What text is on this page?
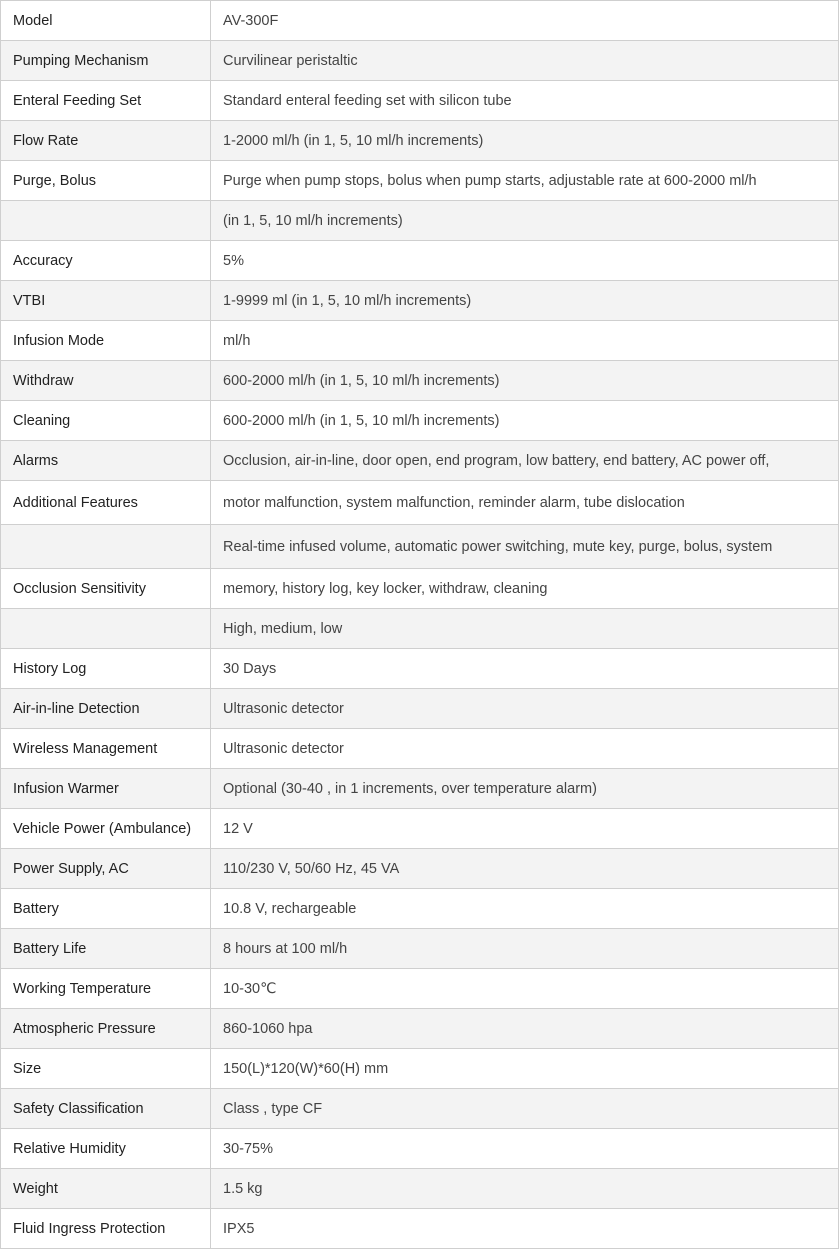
Model	AV-300F
Pumping Mechanism	Curvilinear peristaltic
Enteral Feeding Set	Standard enteral feeding set with silicon tube
Flow Rate	1-2000 ml/h (in 1, 5, 10 ml/h increments)
Purge, Bolus	Purge when pump stops, bolus when pump starts, adjustable rate at 600-2000 ml/h
	(in 1, 5, 10 ml/h increments)
Accuracy	5%
VTBI	1-9999 ml (in 1, 5, 10 ml/h increments)
Infusion Mode	ml/h
Withdraw	600-2000 ml/h (in 1, 5, 10 ml/h increments)
Cleaning	600-2000 ml/h (in 1, 5, 10 ml/h increments)
Alarms	Occlusion, air-in-line, door open, end program, low battery, end battery, AC power off,
Additional Features	motor malfunction, system malfunction, reminder alarm, tube dislocation
	Real-time infused volume, automatic power switching, mute key, purge, bolus, system
Occlusion Sensitivity	memory, history log, key locker, withdraw, cleaning
	High, medium, low
History Log	30 Days
Air-in-line Detection	Ultrasonic detector
Wireless Management	Ultrasonic detector
Infusion Warmer	Optional (30-40 , in 1 increments, over temperature alarm)
Vehicle Power (Ambulance)	12 V
Power Supply, AC	110/230 V, 50/60 Hz, 45 VA
Battery	10.8 V, rechargeable
Battery Life	8 hours at 100 ml/h
Working Temperature	10-30℃
Atmospheric Pressure	860-1060 hpa
Size	150(L)*120(W)*60(H) mm
Safety Classification	Class , type CF
Relative Humidity	30-75%
Weight	1.5 kg
Fluid Ingress Protection	IPX5
